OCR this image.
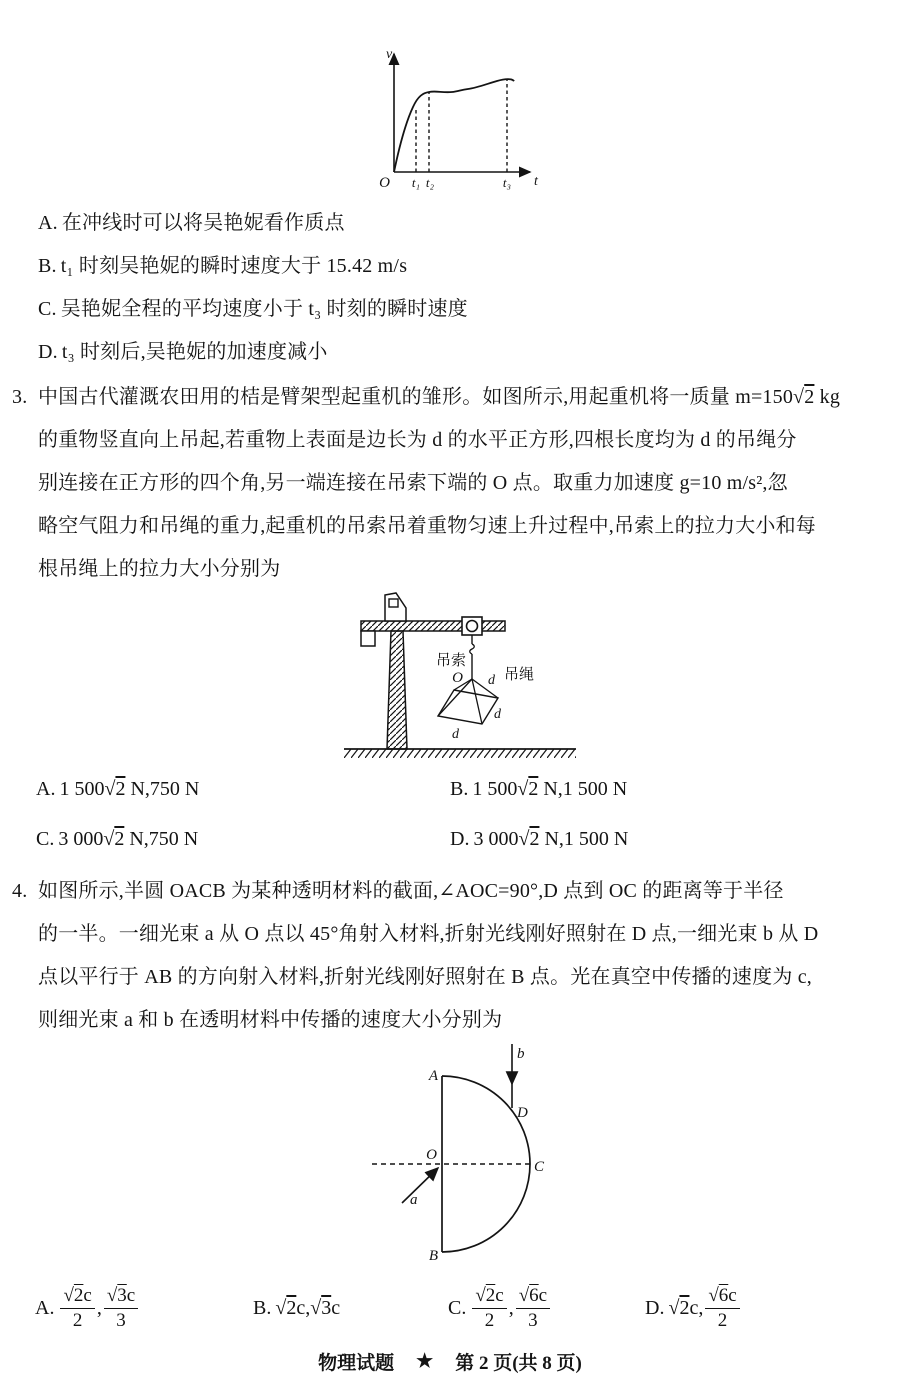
v
t
O t₁ t₂	t₃
A. 在冲线时可以将吴艳妮看作质点
B. t₁ 时刻吴艳妮的瞬时速度大于 15.42 m/s
C. 吴艳妮全程的平均速度小于 t₃ 时刻的瞬时速度
D. t₃ 时刻后,吴艳妮的加速度减小
3. 中国古代灌溉农田用的桔是臂架型起重机的雏形。如图所示,用起重机将一质量 m=150√2 kg
的重物竖直向上吊起,若重物上表面是边长为 d 的水平正方形,四根长度均为 d 的吊绳分
别连接在正方形的四个角,另一端连接在吊索下端的 O 点。取重力加速度 g=10 m/s²,忽
略空气阻力和吊绳的重力,起重机的吊索吊着重物匀速上升过程中,吊索上的拉力大小和每
根吊绳上的拉力大小分别为
吊索
O	吊绳
d
d
d
A. 1 500√2 N,750 N	B. 1 500√2 N,1 500 N
C. 3 000√2 N,750 N	D. 3 000√2 N,1 500 N
4. 如图所示,半圆 OACB 为某种透明材料的截面,∠AOC=90°,D 点到 OC 的距离等于半径
的一半。一细光束 a 从 O 点以 45°角射入材料,折射光线刚好照射在 D 点,一细光束 b 从 D
点以平行于 AB 的方向射入材料,折射光线刚好照射在 B 点。光在真空中传播的速度为 c,
则细光束 a 和 b 在透明材料中传播的速度大小分别为
A
B
O
C
D
b
a
A. $\frac{√2c}{2}$ , $\frac{√3c}{3}$	B. √2c,√3c	C. $\frac{√2c}{2}$ , $\frac{√6c}{3}$	D. √2c, $\frac{√6c}{2}$
物理试题 ★ 第 2 页(共 8 页)
